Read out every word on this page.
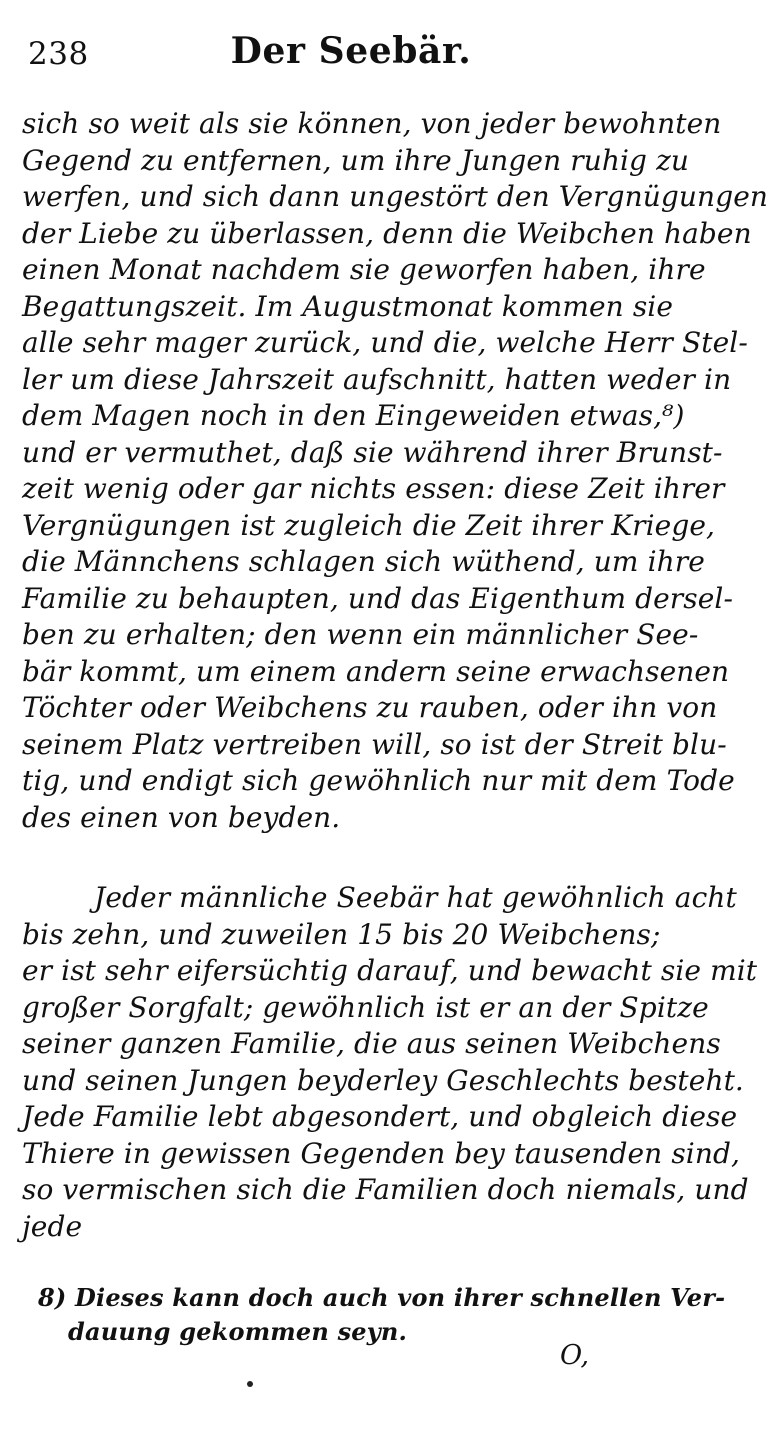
238	Der Seebär.
sich so weit als sie können, von jeder bewohnten
Gegend zu entfernen, um ihre Jungen ruhig zu
werfen, und sich dann ungestört den Vergnügungen
der Liebe zu überlassen, denn die Weibchen haben
einen Monat nachdem sie geworfen haben, ihre
Begattungszeit. Im Augustmonat kommen sie
alle sehr mager zurück, und die, welche Herr Stel-
ler um diese Jahrszeit aufschnitt, hatten weder in
dem Magen noch in den Eingeweiden etwas,⁸)
und er vermuthet, daß sie während ihrer Brunst-
zeit wenig oder gar nichts essen: diese Zeit ihrer
Vergnügungen ist zugleich die Zeit ihrer Kriege,
die Männchens schlagen sich wüthend, um ihre
Familie zu behaupten, und das Eigenthum dersel-
ben zu erhalten; den wenn ein männlicher See-
bär kommt, um einem andern seine erwachsenen
Töchter oder Weibchens zu rauben, oder ihn von
seinem Platz vertreiben will, so ist der Streit blu-
tig, und endigt sich gewöhnlich nur mit dem Tode
des einen von beyden.
Jeder männliche Seebär hat gewöhnlich acht
bis zehn, und zuweilen 15 bis 20 Weibchens;
er ist sehr eifersüchtig darauf, und bewacht sie mit
großer Sorgfalt; gewöhnlich ist er an der Spitze
seiner ganzen Familie, die aus seinen Weibchens
und seinen Jungen beyderley Geschlechts besteht.
Jede Familie lebt abgesondert, und obgleich diese
Thiere in gewissen Gegenden bey tausenden sind,
so vermischen sich die Familien doch niemals, und
jede
8) Dieses kann doch auch von ihrer schnellen Ver-
dauung gekommen seyn.
O,
